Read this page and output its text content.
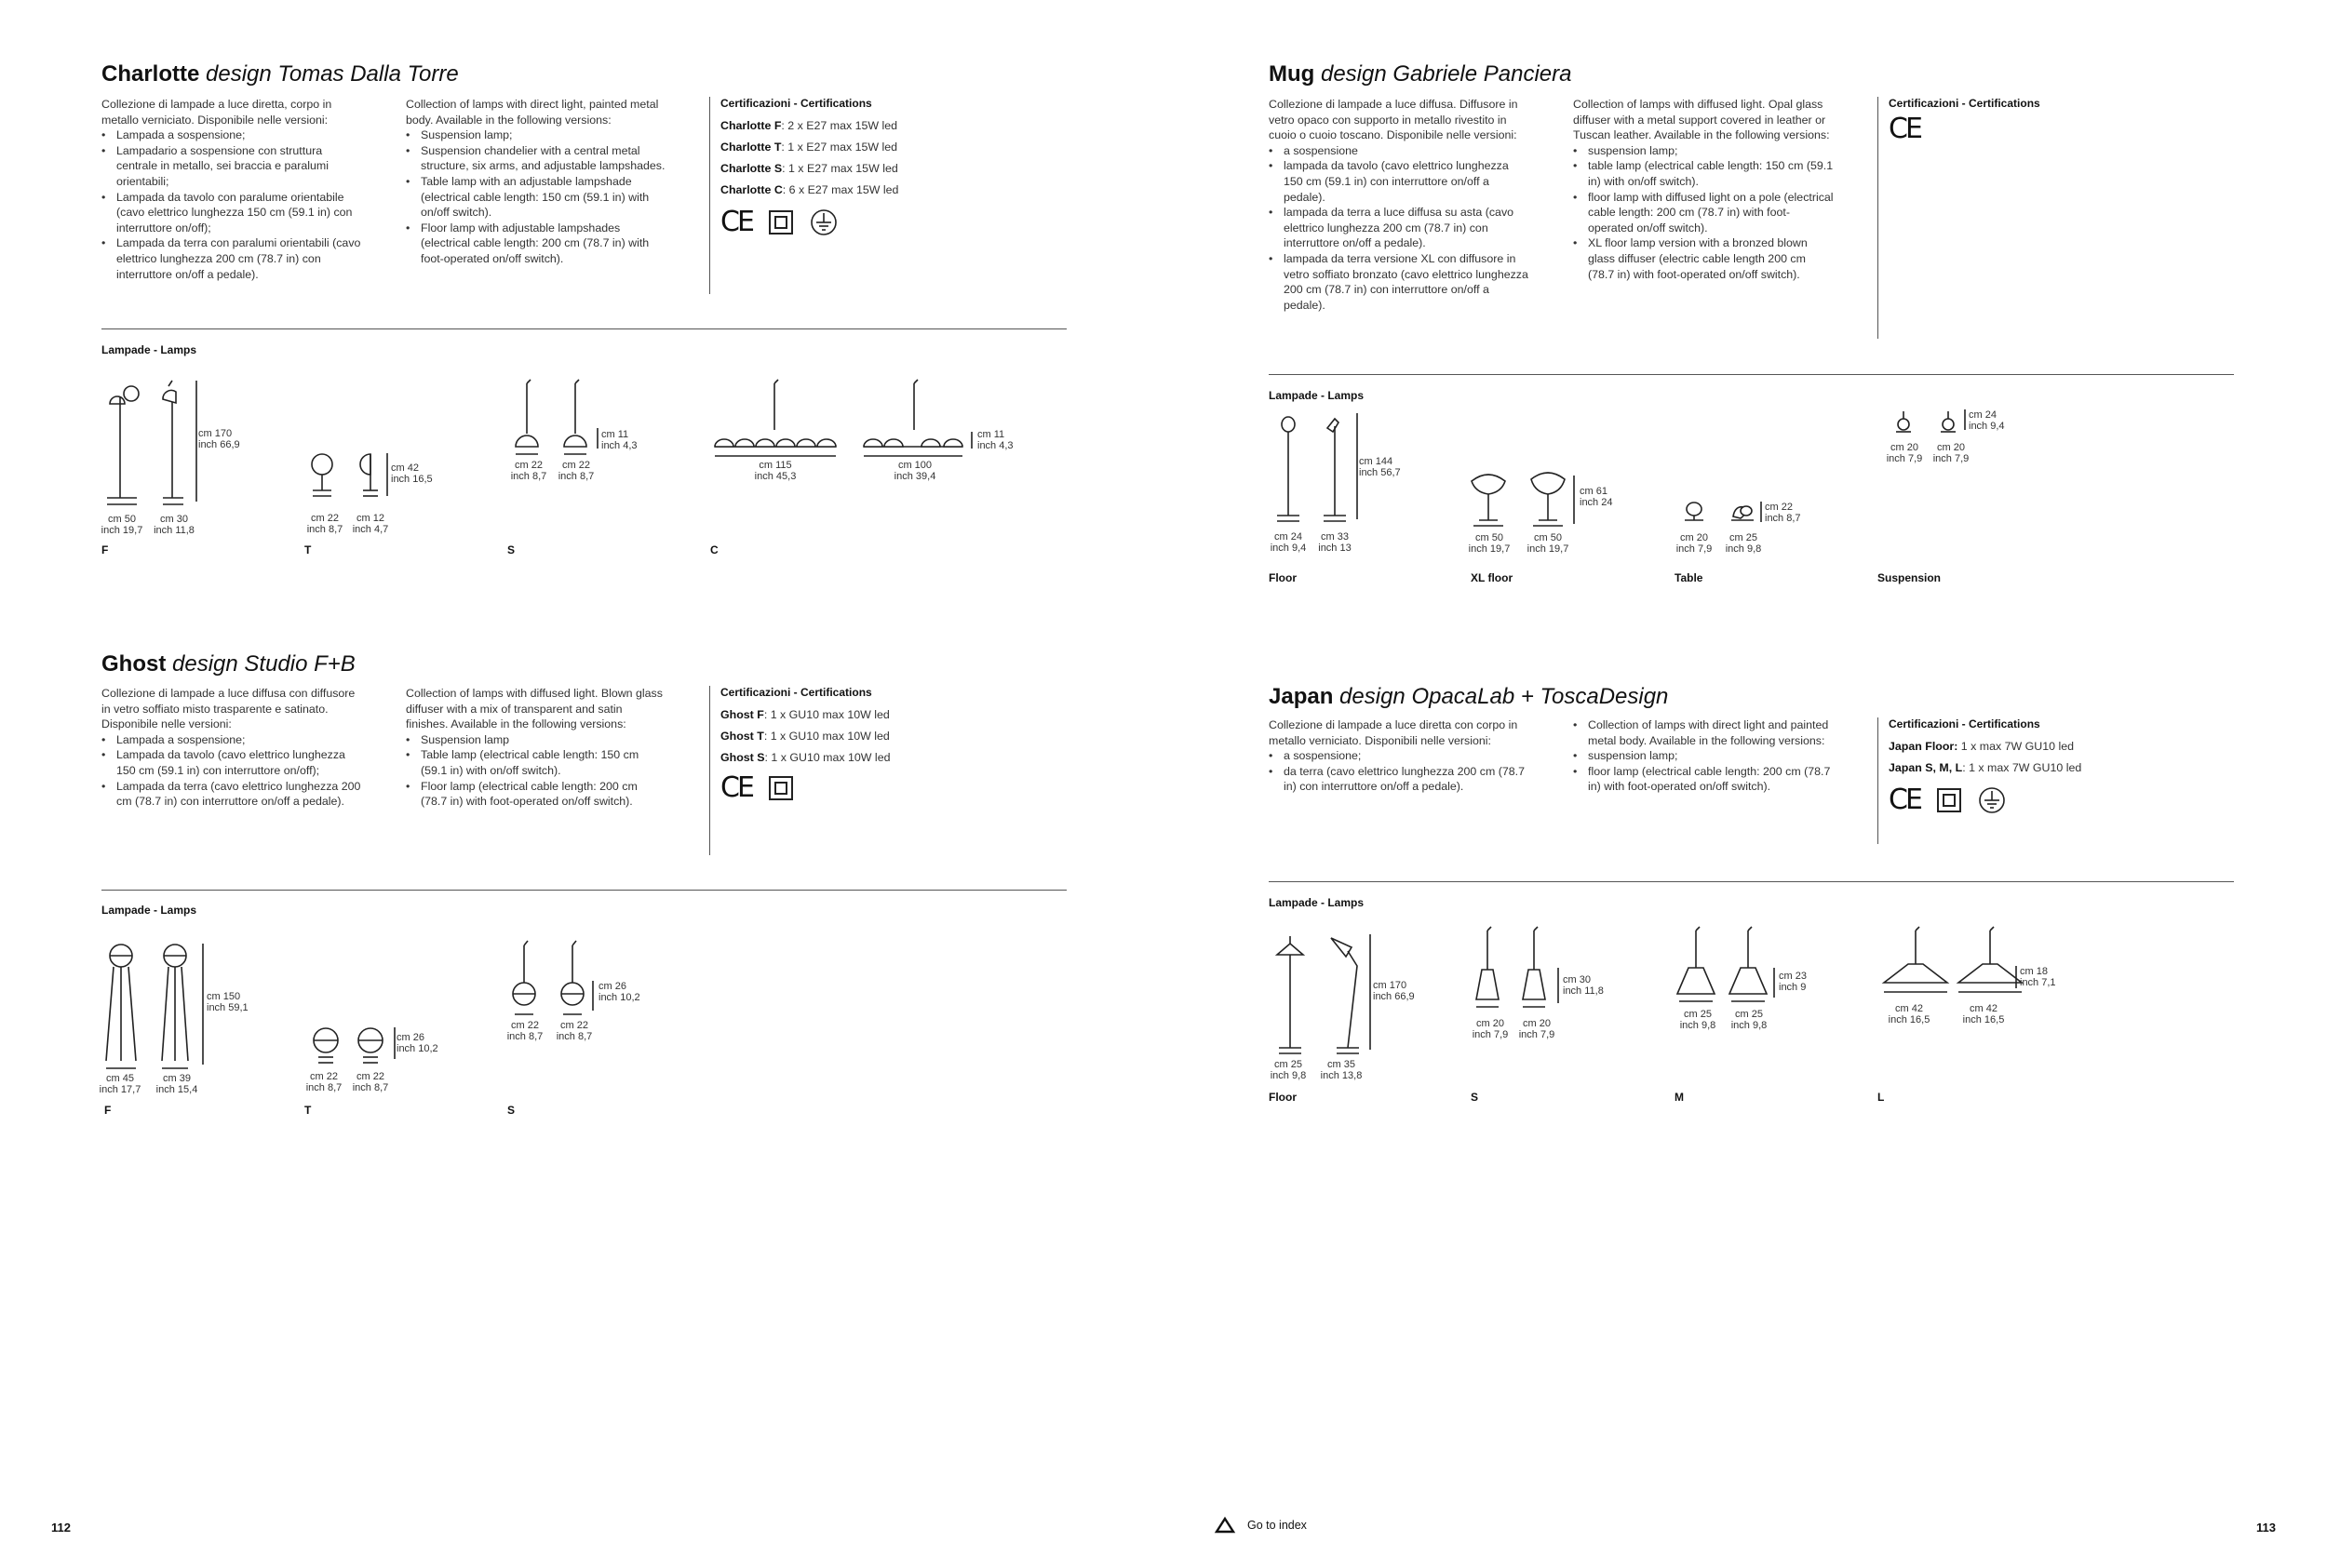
Charlotte design Tomas Dalla Torre

Collezione di lampade a luce diretta, corpo in metallo verniciato. Disponibile nelle versioni:

• Lampada a sospensione;
• Lampadario a sospensione con struttura centrale in metallo, sei braccia e paralumi orientabili;
• Lampada da tavolo con paralume orientabile (cavo elettrico lunghezza 150 cm (59.1 in) con interruttore on/off);
• Lampada da terra con paralumi orientabili (cavo elettrico lunghezza 200 cm (78.7 in) con interruttore on/off a pedale).

Collection of lamps with direct light, painted metal body. Available in the following versions:

• Suspension lamp;
• Suspension chandelier with a central metal structure, six arms, and adjustable lampshades.
• Table lamp with an adjustable lampshade (electrical cable length: 150 cm (59.1 in) with on/off switch).
• Floor lamp with adjustable lampshades (electrical cable length: 200 cm (78.7 in) with foot-operated on/off switch).
Certificazioni - Certifications
Charlotte F: 2 x E27 max 15W led
Charlotte T: 1 x E27 max 15W led
Charlotte S: 1 x E27 max 15W led
Charlotte C: 6 x E27 max 15W led
CE
Lampade - Lamps
cm 170
inch 66,9
cm 50
inch 19,7
cm 30
inch 11,8
cm 42
inch 16,5
cm 22
inch 8,7
cm 12
inch 4,7
cm 11
inch 4,3
cm 22
inch 8,7
cm 22
inch 8,7
cm 11
inch 4,3
cm 115
inch 45,3
cm 100
inch 39,4
F	T	S	C
Ghost design Studio F+B

Collezione di lampade a luce diffusa con diffusore in vetro soffiato misto trasparente e satinato. Disponibile nelle versioni:

• Lampada a sospensione;
• Lampada da tavolo (cavo elettrico lunghezza 150 cm (59.1 in) con interruttore on/off);
• Lampada da terra (cavo elettrico lunghezza 200 cm (78.7 in) con interruttore on/off a pedale).

Collection of lamps with diffused light. Blown glass diffuser with a mix of transparent and satin finishes. Available in the following versions:

• Suspension lamp
• Table lamp (electrical cable length: 150 cm (59.1 in) with on/off switch).
• Floor lamp (electrical cable length: 200 cm (78.7 in) with foot-operated on/off switch).
Certificazioni - Certifications
Ghost F: 1 x GU10 max 10W led
Ghost T: 1 x GU10 max 10W led
Ghost S: 1 x GU10 max 10W led
CE
Lampade - Lamps
cm 150
inch 59,1
cm 45
inch 17,7
cm 39
inch 15,4
cm 26
inch 10,2
cm 22
inch 8,7
cm 22
inch 8,7
cm 26
inch 10,2
cm 22
inch 8,7
cm 22
inch 8,7
F	T	S
Mug design Gabriele Panciera

Collezione di lampade a luce diffusa. Diffusore in vetro opaco con supporto in metallo rivestito in cuoio o cuoio toscano. Disponibile nelle versioni:

• a sospensione
• lampada da tavolo (cavo elettrico lunghezza 150 cm (59.1 in) con interruttore on/off a pedale).
• lampada da terra a luce diffusa su asta (cavo elettrico lunghezza 200 cm (78.7 in) con interruttore on/off a pedale).
• lampada da terra versione XL con diffusore in vetro soffiato bronzato (cavo elettrico lunghezza 200 cm (78.7 in) con interruttore on/off a pedale).

Collection of lamps with diffused light. Opal glass diffuser with a metal support covered in leather or Tuscan leather. Available in the following versions:

• suspension lamp;
• table lamp (electrical cable length: 150 cm (59.1 in) with on/off switch).
• floor lamp with diffused light on a pole (electrical cable length: 200 cm (78.7 in) with foot-operated on/off switch).
• XL floor lamp version with a bronzed blown glass diffuser (electric cable length 200 cm (78.7 in) with foot-operated on/off switch).
Certificazioni - Certifications
CE
Lampade - Lamps
cm 144
inch 56,7
cm 24
inch 9,4
cm 33
inch 13
cm 61
inch 24
cm 50
inch 19,7
cm 50
inch 19,7
cm 22
inch 8,7
cm 20
inch 7,9
cm 25
inch 9,8
cm 24
inch 9,4
cm 20
inch 7,9
cm 20
inch 7,9
Floor	XL floor	Table	Suspension
Japan design OpacaLab + ToscaDesign

Collezione di lampade a luce diretta con corpo in metallo verniciato. Disponibili nelle versioni:

• a sospensione;
• da terra (cavo elettrico lunghezza 200 cm (78.7 in) con interruttore on/off a pedale).
• Collection of lamps with direct light and painted metal body. Available in the following versions:
• suspension lamp;
• floor lamp (electrical cable length: 200 cm (78.7 in) with foot-operated on/off switch).
Certificazioni - Certifications
Japan Floor: 1 x max 7W GU10 led
Japan S, M, L: 1 x max 7W GU10 led
CE
Lampade - Lamps
cm 170
inch 66,9
cm 25
inch 9,8
cm 35
inch 13,8
cm 30
inch 11,8
cm 20
inch 7,9
cm 20
inch 7,9
cm 23
inch 9
cm 25
inch 9,8
cm 25
inch 9,8
cm 18
inch 7,1
cm 42
inch 16,5
cm 42
inch 16,5
Floor	S	M	L
112	113
Go to index
